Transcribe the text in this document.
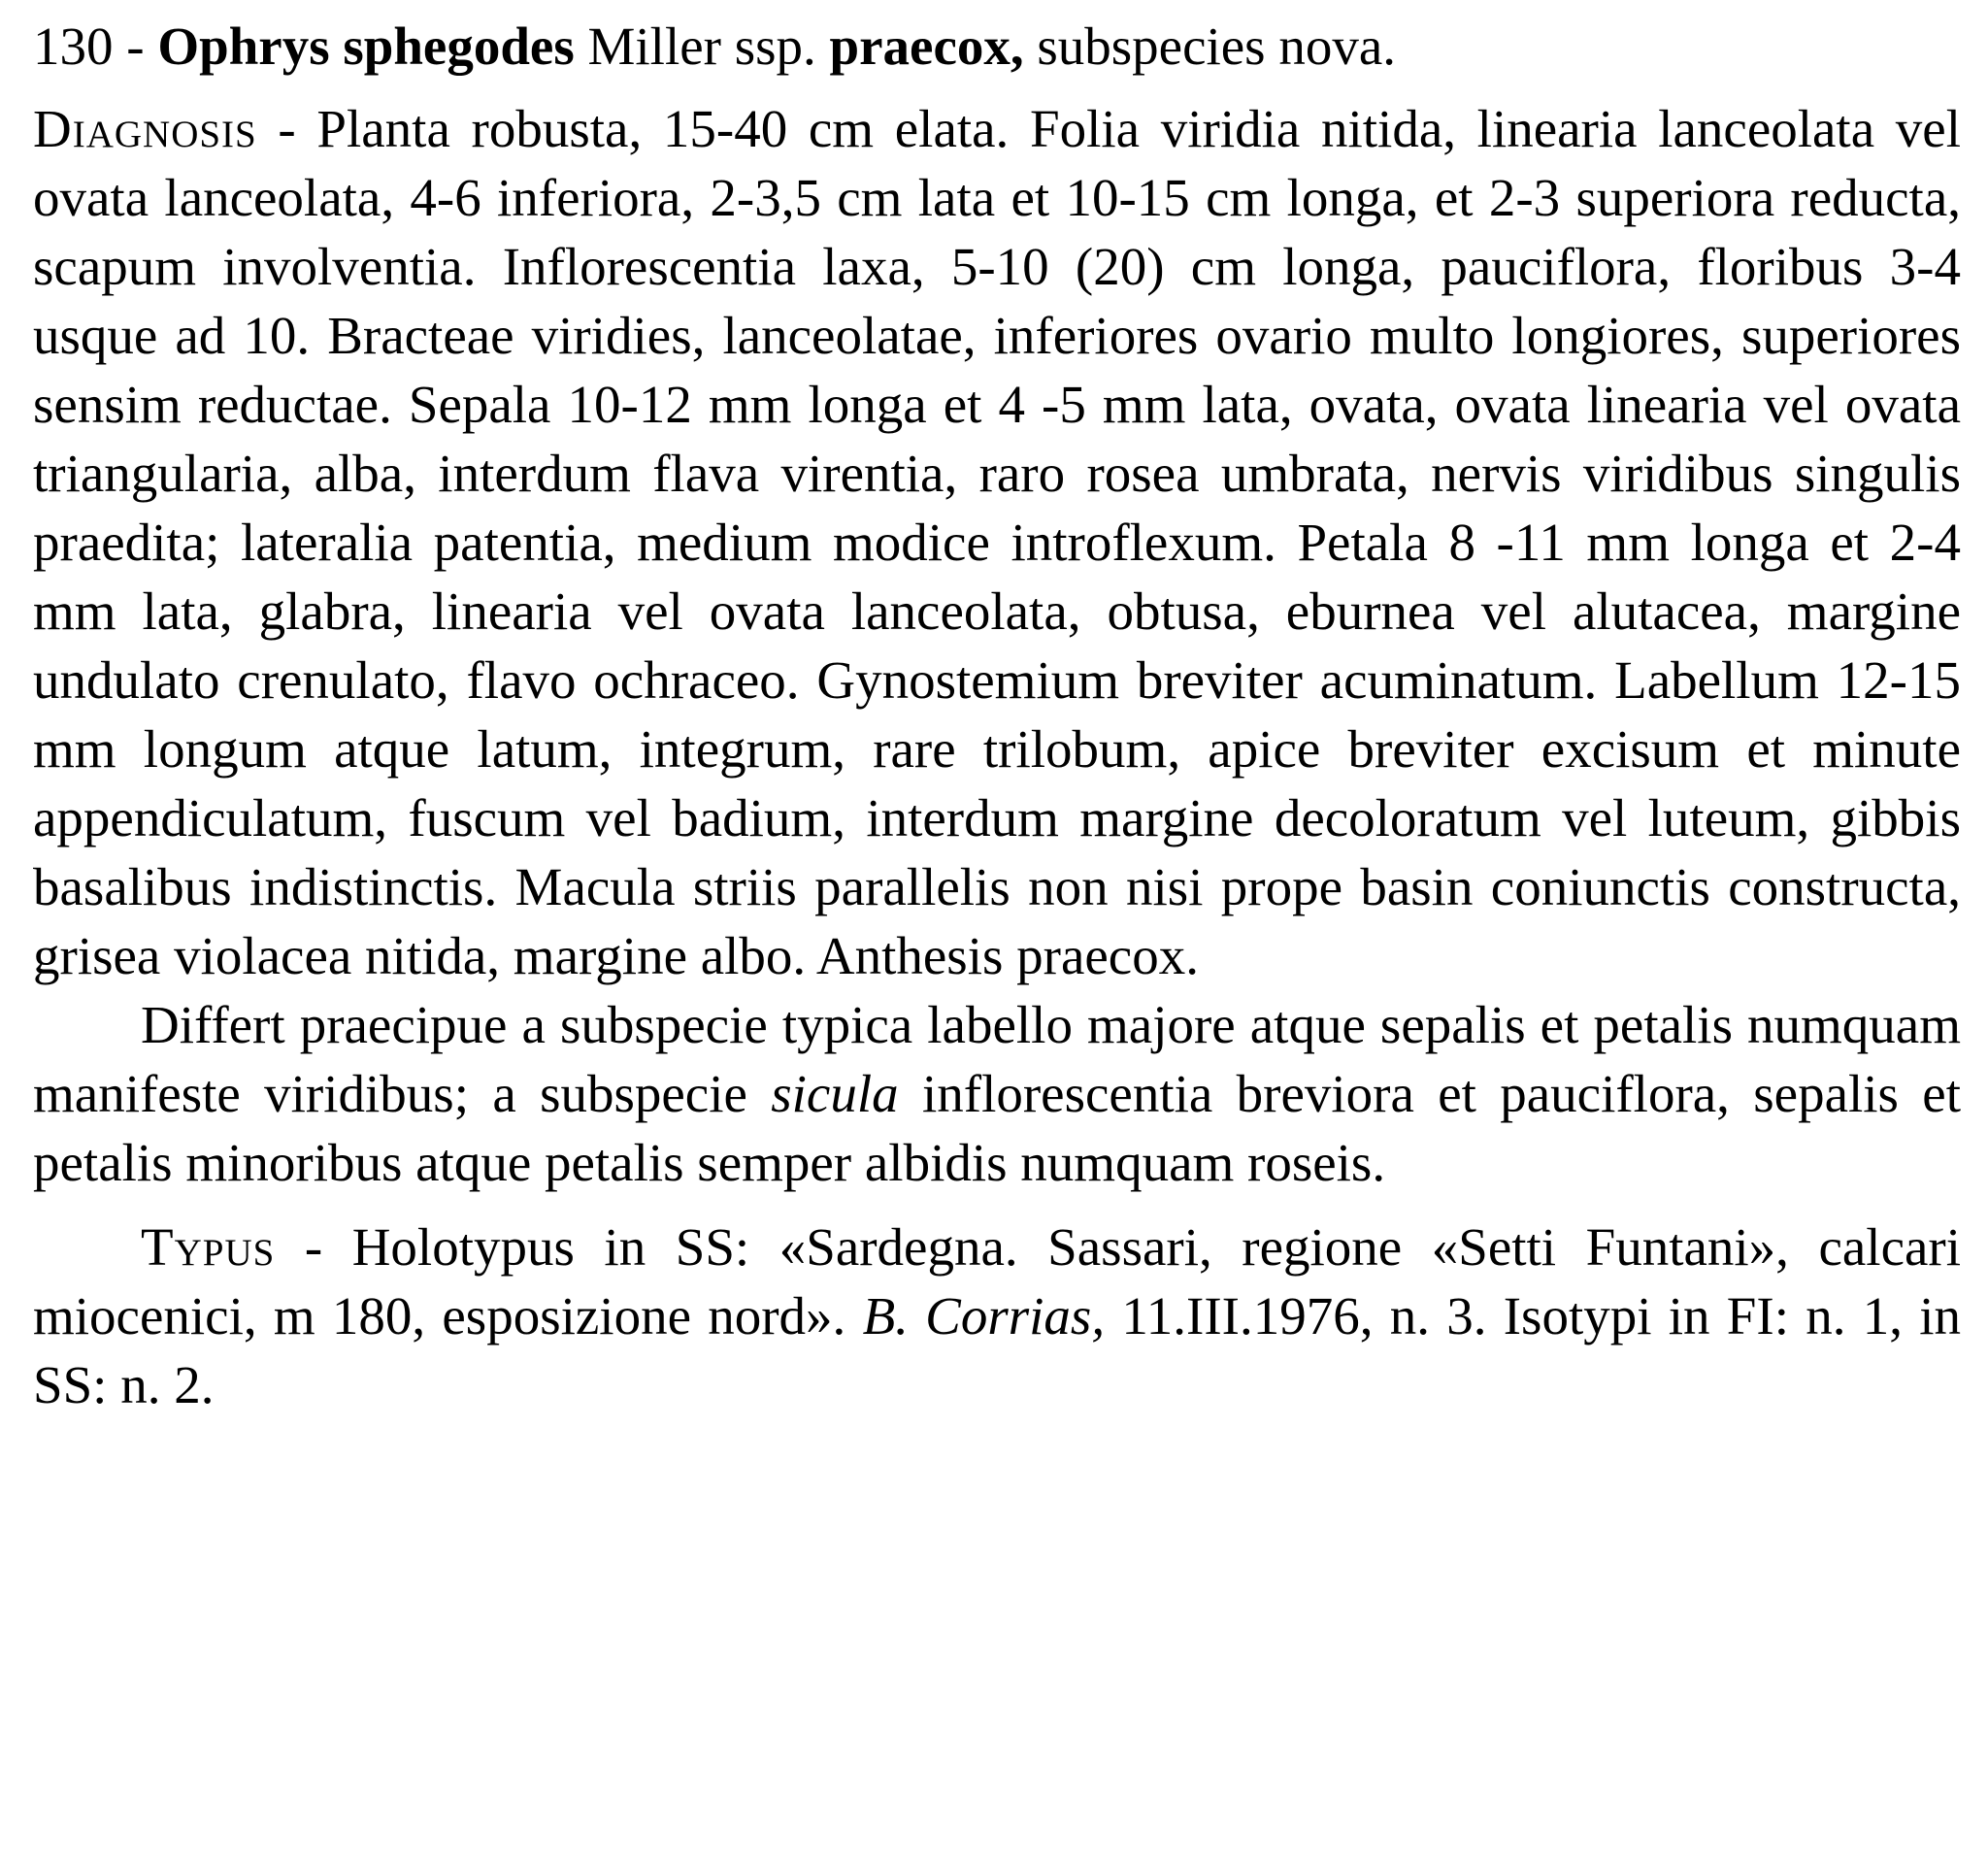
130 - Ophrys sphegodes Miller ssp. praecox, subspecies nova.

Diagnosis - Planta robusta, 15-40 cm elata. Folia viridia nitida, linearia lanceolata vel ovata lanceolata, 4-6 inferiora, 2-3,5 cm lata et 10-15 cm longa, et 2-3 superiora reducta, scapum involventia. Inflorescentia laxa, 5-10 (20) cm longa, pauciflora, floribus 3-4 usque ad 10. Bracteae viridies, lanceolatae, inferiores ovario multo longiores, superiores sensim reductae. Sepala 10-12 mm longa et 4 -5 mm lata, ovata, ovata linearia vel ovata triangularia, alba, interdum flava virentia, raro rosea umbrata, nervis viridibus singulis praedita; lateralia patentia, medium modice introflexum. Petala 8 -11 mm longa et 2-4 mm lata, glabra, linearia vel ovata lanceolata, obtusa, eburnea vel alutacea, margine undulato crenulato, flavo ochraceo. Gynostemium breviter acuminatum. Labellum 12-15 mm longum atque latum, integrum, rare trilobum, apice breviter excisum et minute appendiculatum, fuscum vel badium, interdum margine decoloratum vel luteum, gibbis basalibus indistinctis. Macula striis parallelis non nisi prope basin coniunctis constructa, grisea violacea nitida, margine albo. Anthesis praecox.

Differt praecipue a subspecie typica labello majore atque sepalis et petalis numquam manifeste viridibus; a subspecie sicula inflorescentia breviora et pauciflora, sepalis et petalis minoribus atque petalis semper albidis numquam roseis.

Typus - Holotypus in SS: «Sardegna. Sassari, regione «Setti Funtani», calcari miocenici, m 180, esposizione nord». B. Corrias, 11.III.1976, n. 3. Isotypi in FI: n. 1, in SS: n. 2.
